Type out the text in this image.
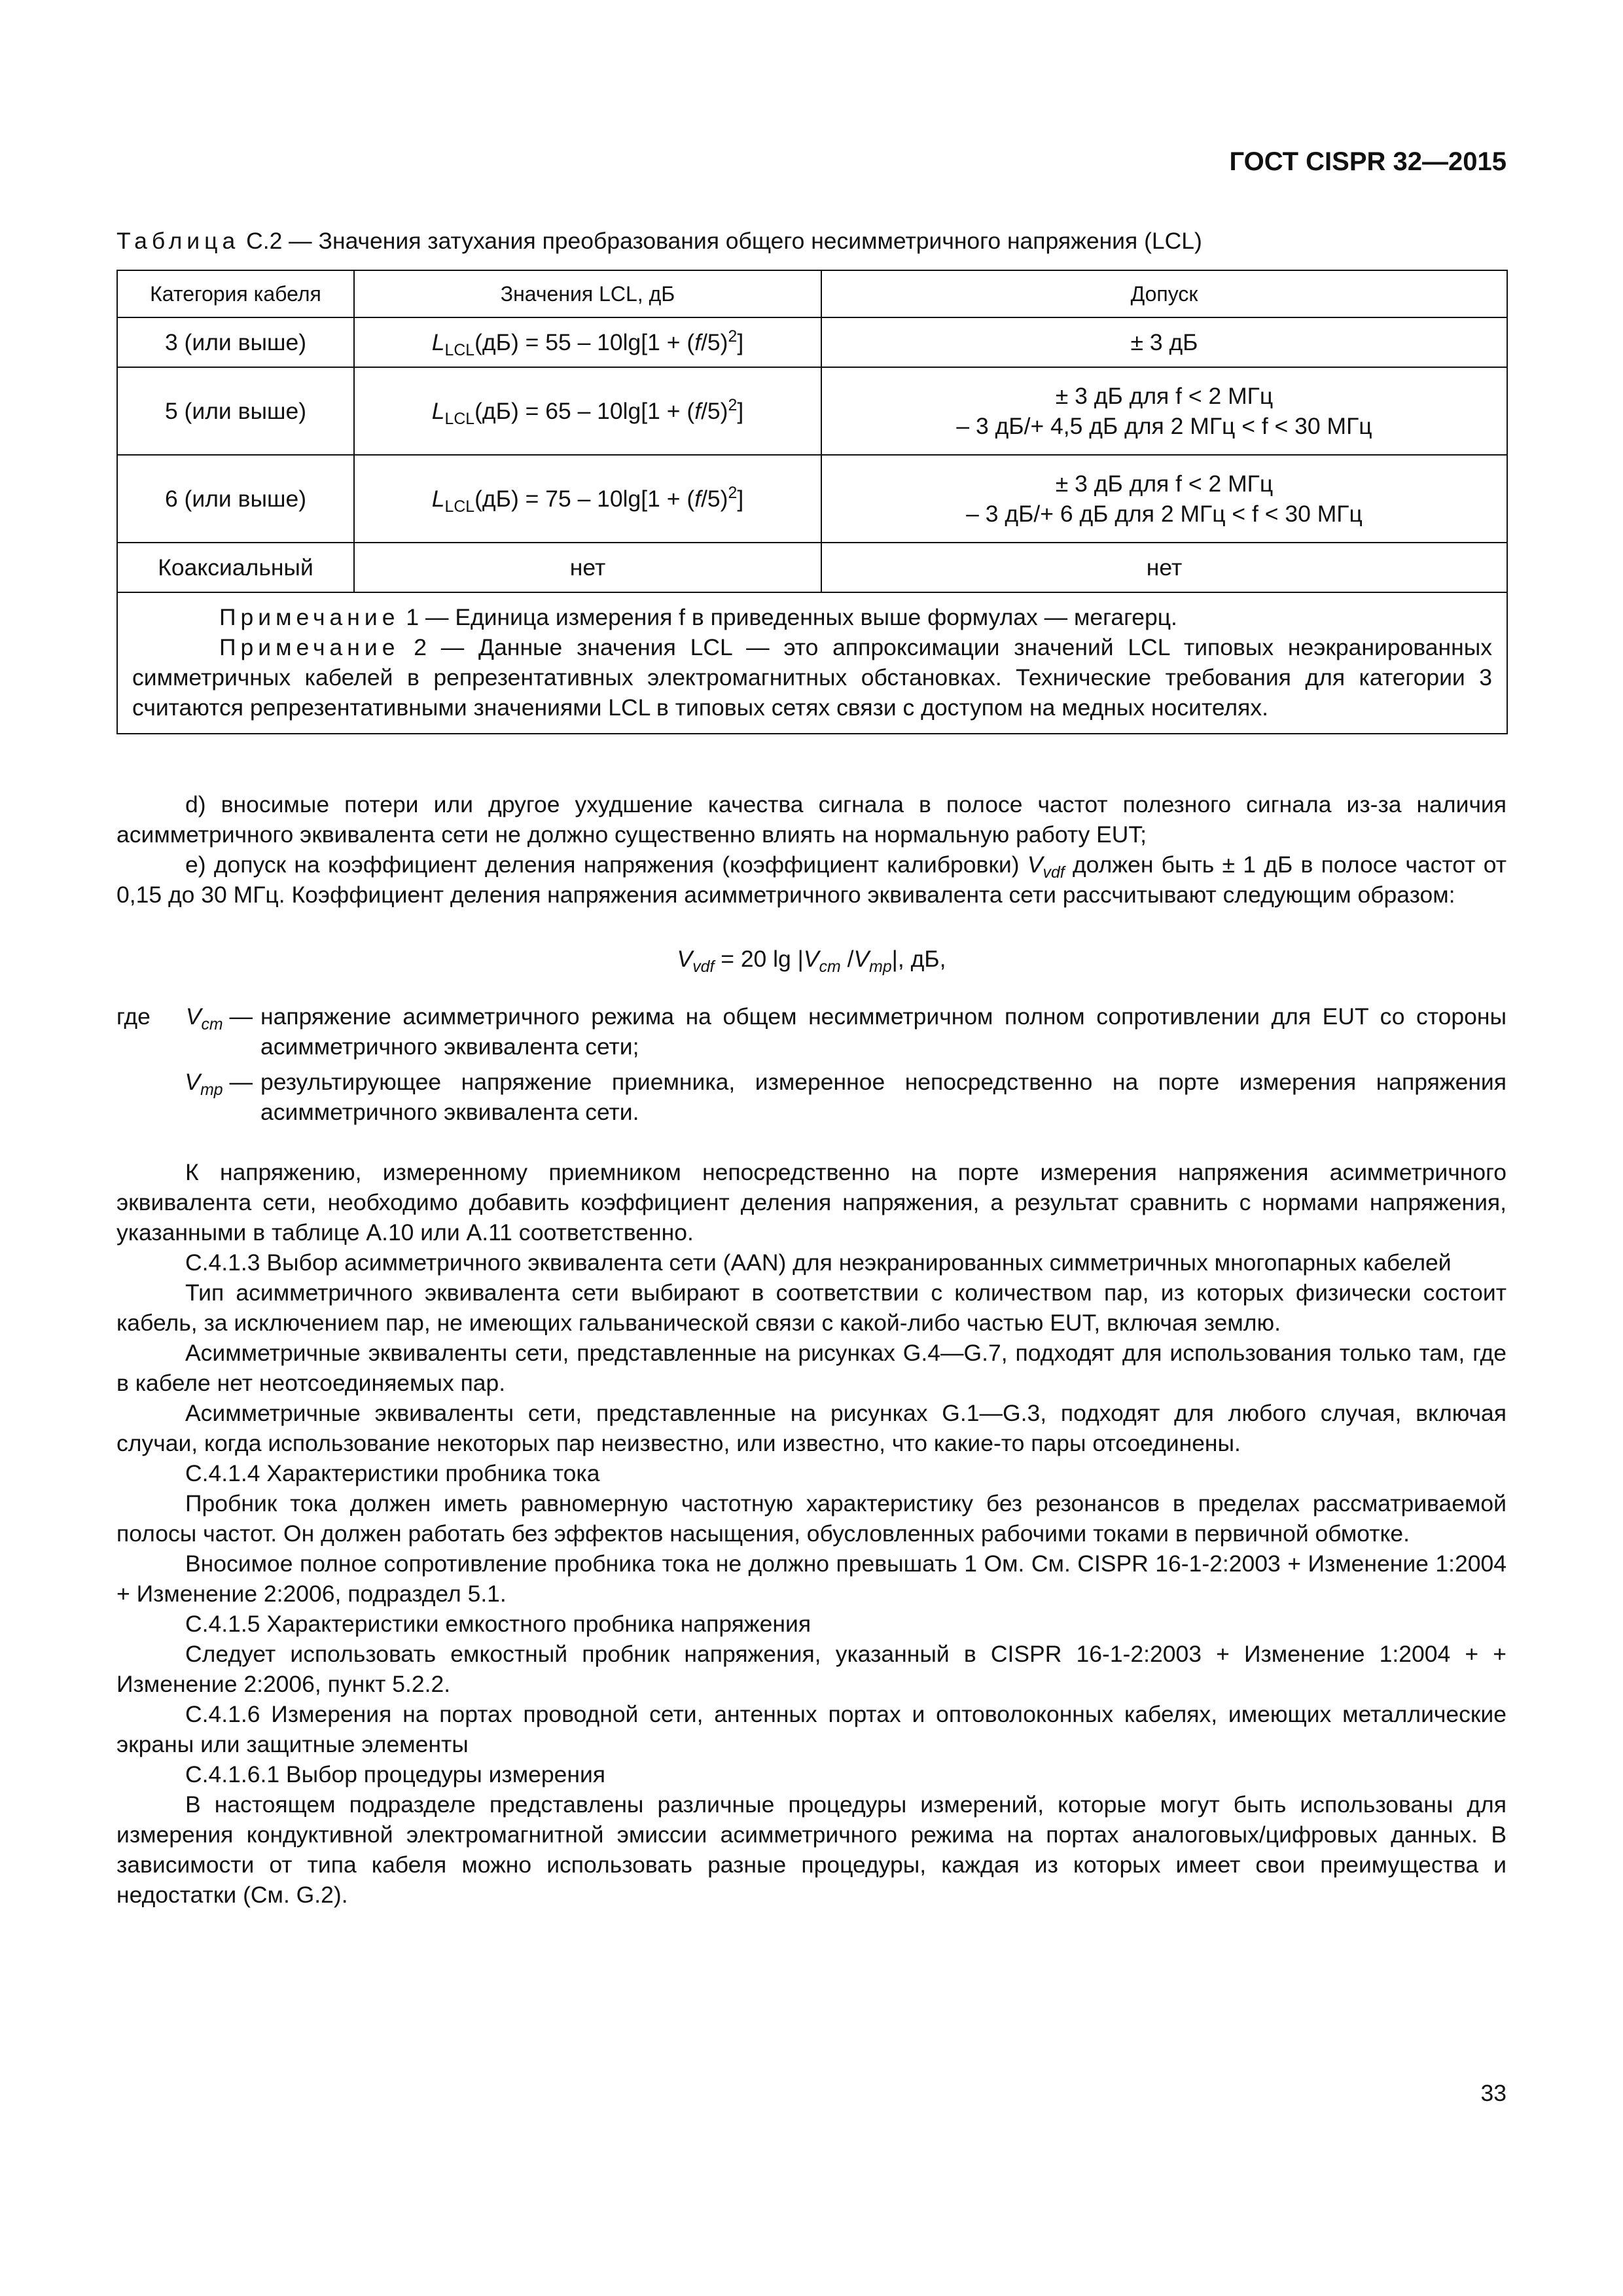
ГОСТ CISPR 32—2015
Таблица С.2 — Значения затухания преобразования общего несимметричного напряжения (LCL)
Категория кабеля	Значения LCL, дБ	Допуск
3 (или выше)	$L_{LCL}(дБ) = 55 - 10\lg[1 + (f/5)^2]$	± 3 дБ

5 (или выше)	$L_{LCL}(дБ) = 65 - 10\lg[1 + (f/5)^2]$	± 3 дБ для f < 2 МГц
– 3 дБ/+ 4,5 дБ для 2 МГц < f < 30 МГц

6 (или выше)	$L_{LCL}(дБ) = 75 - 10\lg[1 + (f/5)^2]$	± 3 дБ для f < 2 МГц
– 3 дБ/+ 6 дБ для 2 МГц < f < 30 МГц

Коаксиальный	нет	нет

Примечание 1 — Единица измерения f в приведенных выше формулах — мегагерц.

Примечание 2 — Данные значения LCL — это аппроксимации значений LCL типовых неэкранированных симметричных кабелей в репрезентативных электромагнитных обстановках. Технические требования для категории 3 считаются репрезентативными значениями LCL в типовых сетях связи с доступом на медных носителях.		

d) вносимые потери или другое ухудшение качества сигнала в полосе частот полезного сигнала из-за наличия асимметричного эквивалента сети не должно существенно влиять на нормальную работу EUT;

e) допуск на коэффициент деления напряжения (коэффициент калибровки) $V_{vdf}$ должен быть ± 1 дБ в полосе частот от 0,15 до 30 МГц. Коэффициент деления напряжения асимметричного эквивалента сети рассчитывают следующим образом:

$V_{vdf} = 20$ $\lg |V_{cm}$ $/V_{mp}|$, дБ,
где	$V_{cm}$ — напряжение асимметричного режима на общем несимметричном полном сопротивлении для EUT со стороны асимметричного эквивалента сети;
$V_{mp}$ — результирующее напряжение приемника, измеренное непосредственно на порте измерения напряжения асимметричного эквивалента сети.

К напряжению, измеренному приемником непосредственно на порте измерения напряжения асимметричного эквивалента сети, необходимо добавить коэффициент деления напряжения, а результат сравнить с нормами напряжения, указанными в таблице А.10 или А.11 соответственно.

С.4.1.3 Выбор асимметричного эквивалента сети (AAN) для неэкранированных симметричных многопарных кабелей

Тип асимметричного эквивалента сети выбирают в соответствии с количеством пар, из которых физически состоит кабель, за исключением пар, не имеющих гальванической связи с какой-либо частью EUT, включая землю.

Асимметричные эквиваленты сети, представленные на рисунках G.4—G.7, подходят для использования только там, где в кабеле нет неотсоединяемых пар.

Асимметричные эквиваленты сети, представленные на рисунках G.1—G.3, подходят для любого случая, включая случаи, когда использование некоторых пар неизвестно, или известно, что какие-то пары отсоединены.

С.4.1.4 Характеристики пробника тока

Пробник тока должен иметь равномерную частотную характеристику без резонансов в пределах рассматриваемой полосы частот. Он должен работать без эффектов насыщения, обусловленных рабочими токами в первичной обмотке.

Вносимое полное сопротивление пробника тока не должно превышать 1 Ом. См. CISPR 16-1-2:2003 + Изменение 1:2004 + Изменение 2:2006, подраздел 5.1.

С.4.1.5 Характеристики емкостного пробника напряжения

Следует использовать емкостный пробник напряжения, указанный в CISPR 16-1-2:2003 + Изменение 1:2004 + + Изменение 2:2006, пункт 5.2.2.

С.4.1.6 Измерения на портах проводной сети, антенных портах и оптоволоконных кабелях, имеющих металлические экраны или защитные элементы

С.4.1.6.1 Выбор процедуры измерения

В настоящем подразделе представлены различные процедуры измерений, которые могут быть использованы для измерения кондуктивной электромагнитной эмиссии асимметричного режима на портах аналоговых/цифровых данных. В зависимости от типа кабеля можно использовать разные процедуры, каждая из которых имеет свои преимущества и недостатки (См. G.2).

33
